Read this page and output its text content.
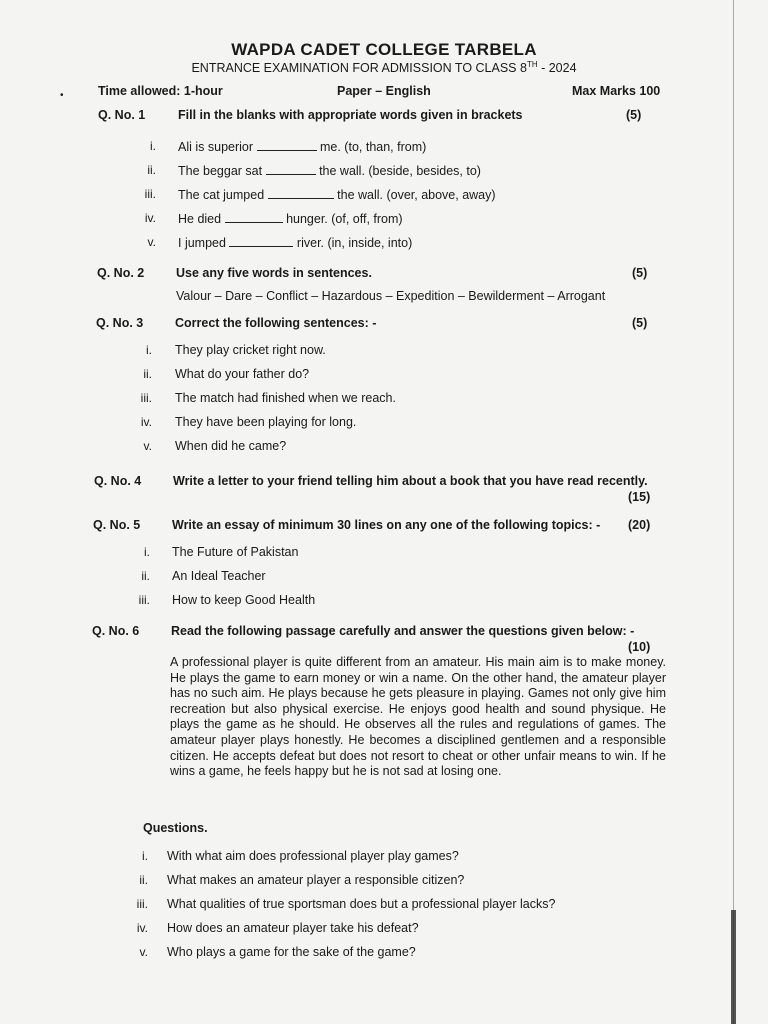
•
WAPDA CADET COLLEGE TARBELA
ENTRANCE EXAMINATION FOR ADMISSION TO CLASS 8TH - 2024
Time allowed: 1-hour	Paper – English	Max Marks 100
Q. No. 1	Fill in the blanks with appropriate words given in brackets	(5)
i. Ali is superior	me. (to, than, from)
ii. The beggar sat	the wall. (beside, besides, to)
iii. The cat jumped	the wall. (over, above, away)
iv. He died	hunger. (of, off, from)
v. I jumped	river. (in, inside, into)
Q. No. 2	Use any five words in sentences.	(5)
Valour – Dare – Conflict – Hazardous – Expedition – Bewilderment – Arrogant
Q. No. 3	Correct the following sentences: -	(5)
i. They play cricket right now.
ii. What do your father do?
iii. The match had finished when we reach.
iv. They have been playing for long.
v. When did he came?
Q. No. 4	Write a letter to your friend telling him about a book that you have read recently.
(15)
Q. No. 5	Write an essay of minimum 30 lines on any one of the following topics: - (20)
i. The Future of Pakistan
ii. An Ideal Teacher
iii. How to keep Good Health
Q. No. 6	Read the following passage carefully and answer the questions given below: -
(10)
A professional player is quite different from an amateur. His main aim is to make money. He plays the game to earn money or win a name. On the other hand, the amateur player has no such aim. He plays because he gets pleasure in playing. Games not only give him recreation but also physical exercise. He enjoys good health and sound physique. He plays the game as he should. He observes all the rules and regulations of games. The amateur player plays honestly. He becomes a disciplined gentlemen and a responsible citizen. He accepts defeat but does not resort to cheat or other unfair means to win. If he wins a game, he feels happy but he is not sad at losing one.
Questions.
i. With what aim does professional player play games?
ii. What makes an amateur player a responsible citizen?
iii. What qualities of true sportsman does but a professional player lacks?
iv. How does an amateur player take his defeat?
v. Who plays a game for the sake of the game?
